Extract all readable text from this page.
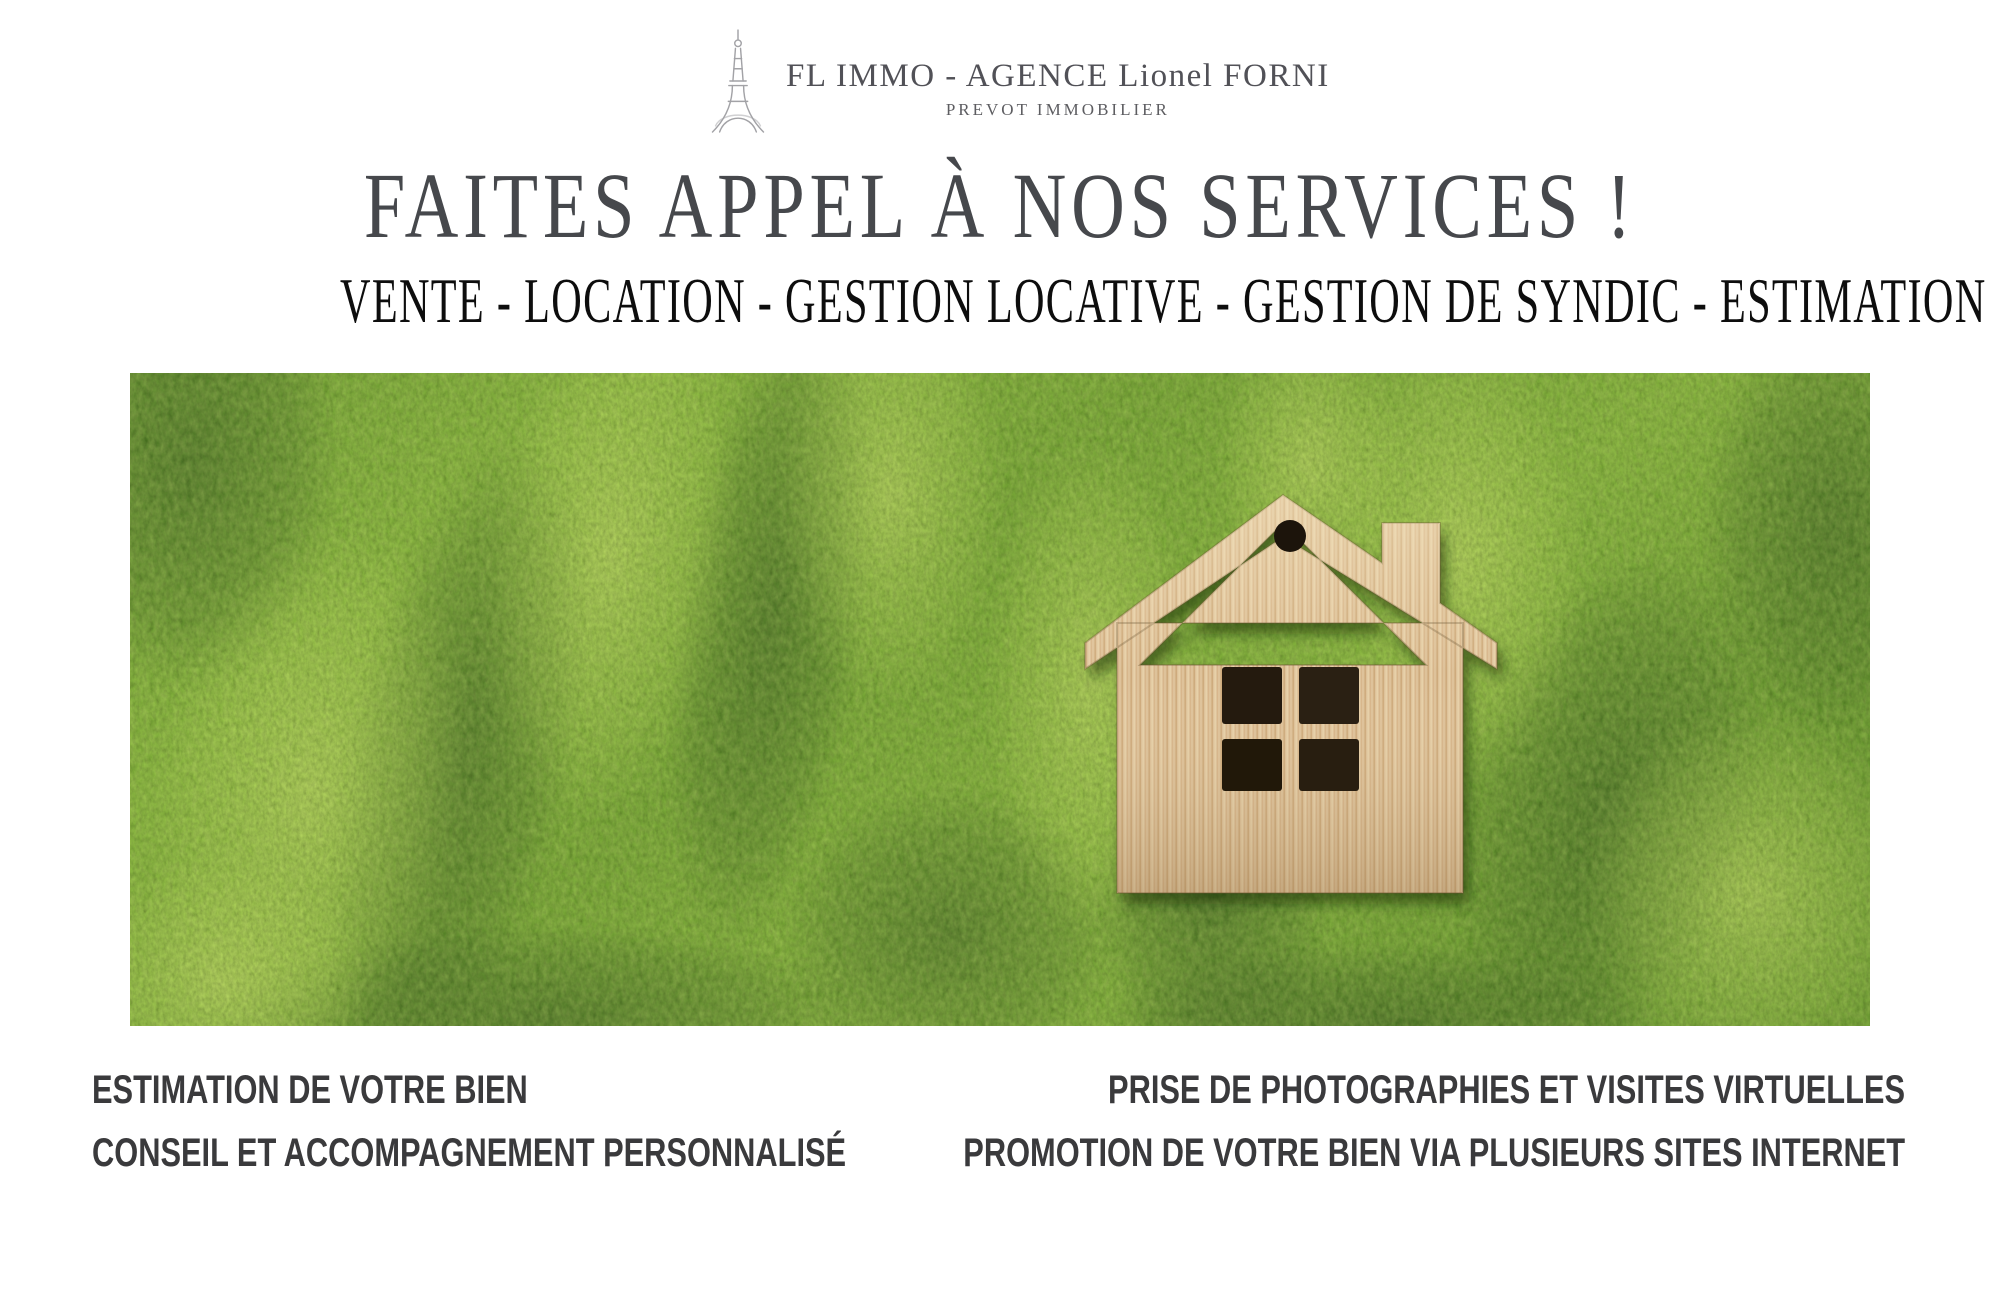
FL IMMO - AGENCE Lionel FORNI
PREVOT IMMOBILIER
FAITES APPEL À NOS SERVICES !
VENTE - LOCATION - GESTION LOCATIVE - GESTION DE SYNDIC - ESTIMATION
ESTIMATION DE VOTRE BIEN
CONSEIL ET ACCOMPAGNEMENT PERSONNALISÉ
PRISE DE PHOTOGRAPHIES ET VISITES VIRTUELLES
PROMOTION DE VOTRE BIEN VIA PLUSIEURS SITES INTERNET
